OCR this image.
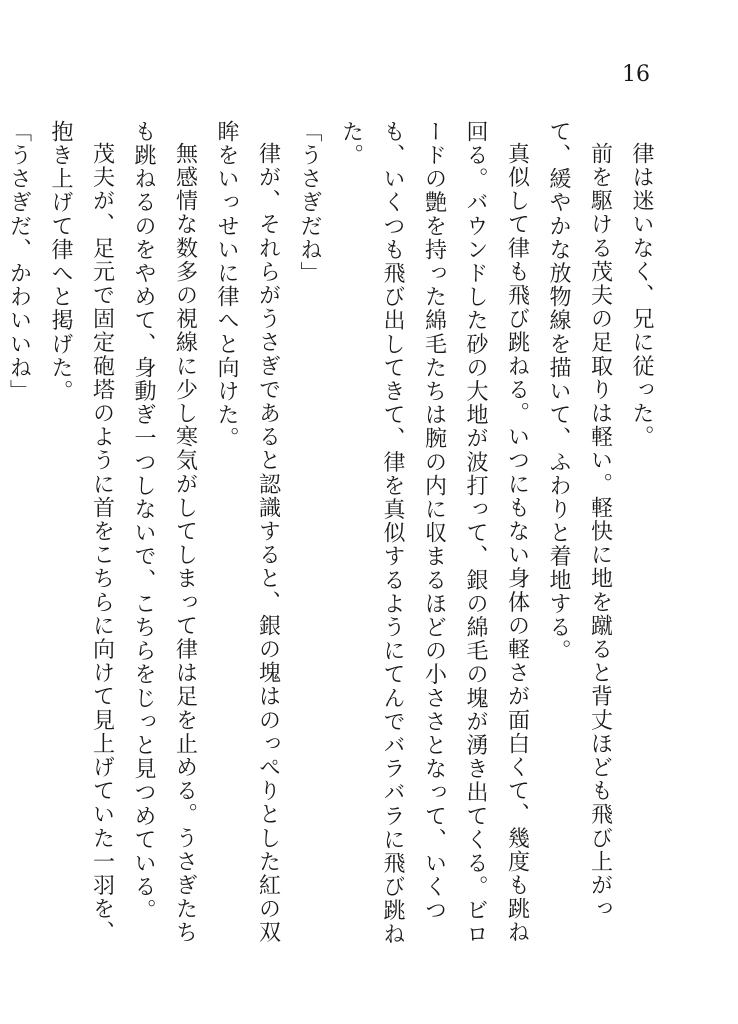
16

律は迷いなく、兄に従った。

前を駆ける茂夫の足取りは軽い。軽快に地を蹴ると背丈ほども飛び上がって、緩やかな放物線を描いて、ふわりと着地する。

真似して律も飛び跳ねる。いつにもない身体の軽さが面白くて、幾度も跳ね回る。バウンドした砂の大地が波打って、銀の綿毛の塊が湧き出てくる。ビロードの艶を持った綿毛たちは腕の内に収まるほどの小ささとなって、いくつも、いくつも飛び出してきて、律を真似するようにてんでバラバラに飛び跳ねた。

「うさぎだね」

律が、それらがうさぎであると認識すると、銀の塊はのっぺりとした紅の双眸をいっせいに律へと向けた。

無感情な数多の視線に少し寒気がしてしまって律は足を止める。うさぎたちも跳ねるのをやめて、身動ぎ一つしないで、こちらをじっと見つめている。

茂夫が、足元で固定砲塔のように首をこちらに向けて見上げていた一羽を、抱き上げて律へと掲げた。

「うさぎだ、かわいいね」
